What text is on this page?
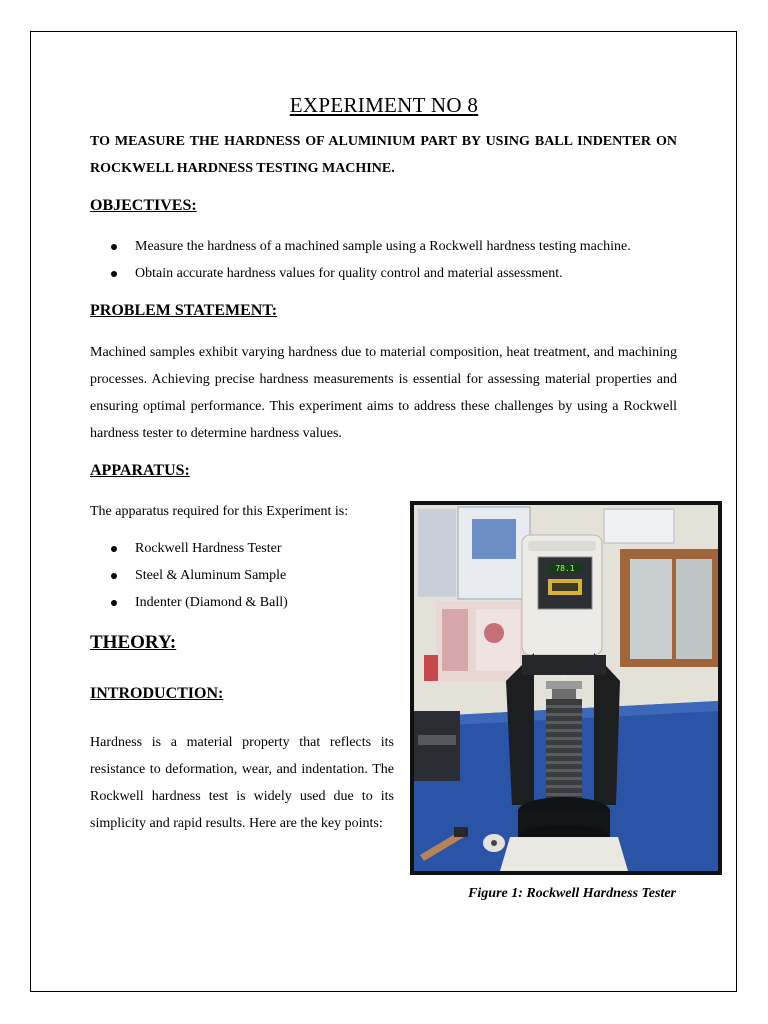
EXPERIMENT NO 8
TO MEASURE THE HARDNESS OF ALUMINIUM PART BY USING BALL INDENTER ON ROCKWELL HARDNESS TESTING MACHINE.
OBJECTIVES:
Measure the hardness of a machined sample using a Rockwell hardness testing machine.
Obtain accurate hardness values for quality control and material assessment.
PROBLEM STATEMENT:

Machined samples exhibit varying hardness due to material composition, heat treatment, and machining processes. Achieving precise hardness measurements is essential for assessing material properties and ensuring optimal performance. This experiment aims to address these challenges by using a Rockwell hardness tester to determine hardness values.

APPARATUS:

The apparatus required for this Experiment is:

Rockwell Hardness Tester
Steel & Aluminum Sample
Indenter (Diamond & Ball)
THEORY:
INTRODUCTION:

Hardness is a material property that reflects its resistance to deformation, wear, and indentation. The Rockwell hardness test is widely used due to its simplicity and rapid results. Here are the key points:

78.1
Figure 1: Rockwell Hardness Tester
